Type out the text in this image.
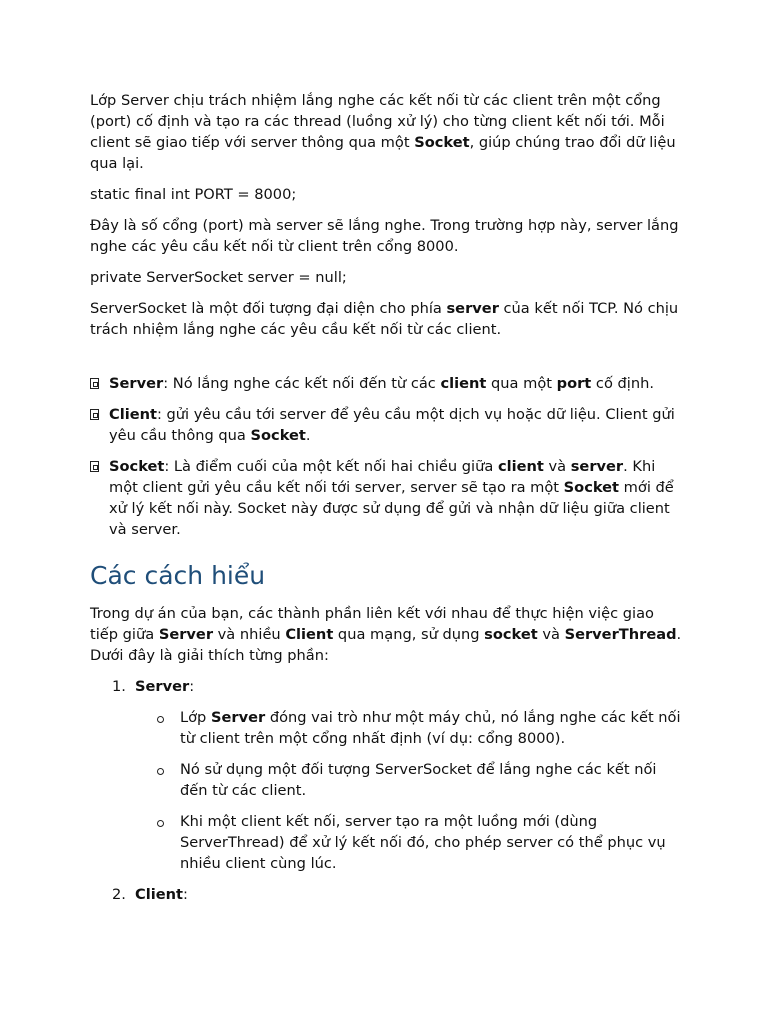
Lớp Server chịu trách nhiệm lắng nghe các kết nối từ các client trên một cổng (port) cố định và tạo ra các thread (luồng xử lý) cho từng client kết nối tới. Mỗi client sẽ giao tiếp với server thông qua một Socket, giúp chúng trao đổi dữ liệu qua lại.

static final int PORT = 8000;

Đây là số cổng (port) mà server sẽ lắng nghe. Trong trường hợp này, server lắng nghe các yêu cầu kết nối từ client trên cổng 8000.

private ServerSocket server = null;

ServerSocket là một đối tượng đại diện cho phía server của kết nối TCP. Nó chịu trách nhiệm lắng nghe các yêu cầu kết nối từ các client.

Server: Nó lắng nghe các kết nối đến từ các client qua một port cố định.

Client: gửi yêu cầu tới server để yêu cầu một dịch vụ hoặc dữ liệu. Client gửi yêu cầu thông qua Socket.

Socket: Là điểm cuối của một kết nối hai chiều giữa client và server. Khi một client gửi yêu cầu kết nối tới server, server sẽ tạo ra một Socket mới để xử lý kết nối này. Socket này được sử dụng để gửi và nhận dữ liệu giữa client và server.

Các cách hiểu

Trong dự án của bạn, các thành phần liên kết với nhau để thực hiện việc giao tiếp giữa Server và nhiều Client qua mạng, sử dụng socket và ServerThread. Dưới đây là giải thích từng phần:

1. Server:
Lớp Server đóng vai trò như một máy chủ, nó lắng nghe các kết nối từ client trên một cổng nhất định (ví dụ: cổng 8000).
Nó sử dụng một đối tượng ServerSocket để lắng nghe các kết nối đến từ các client.
Khi một client kết nối, server tạo ra một luồng mới (dùng ServerThread) để xử lý kết nối đó, cho phép server có thể phục vụ nhiều client cùng lúc.
2. Client:
